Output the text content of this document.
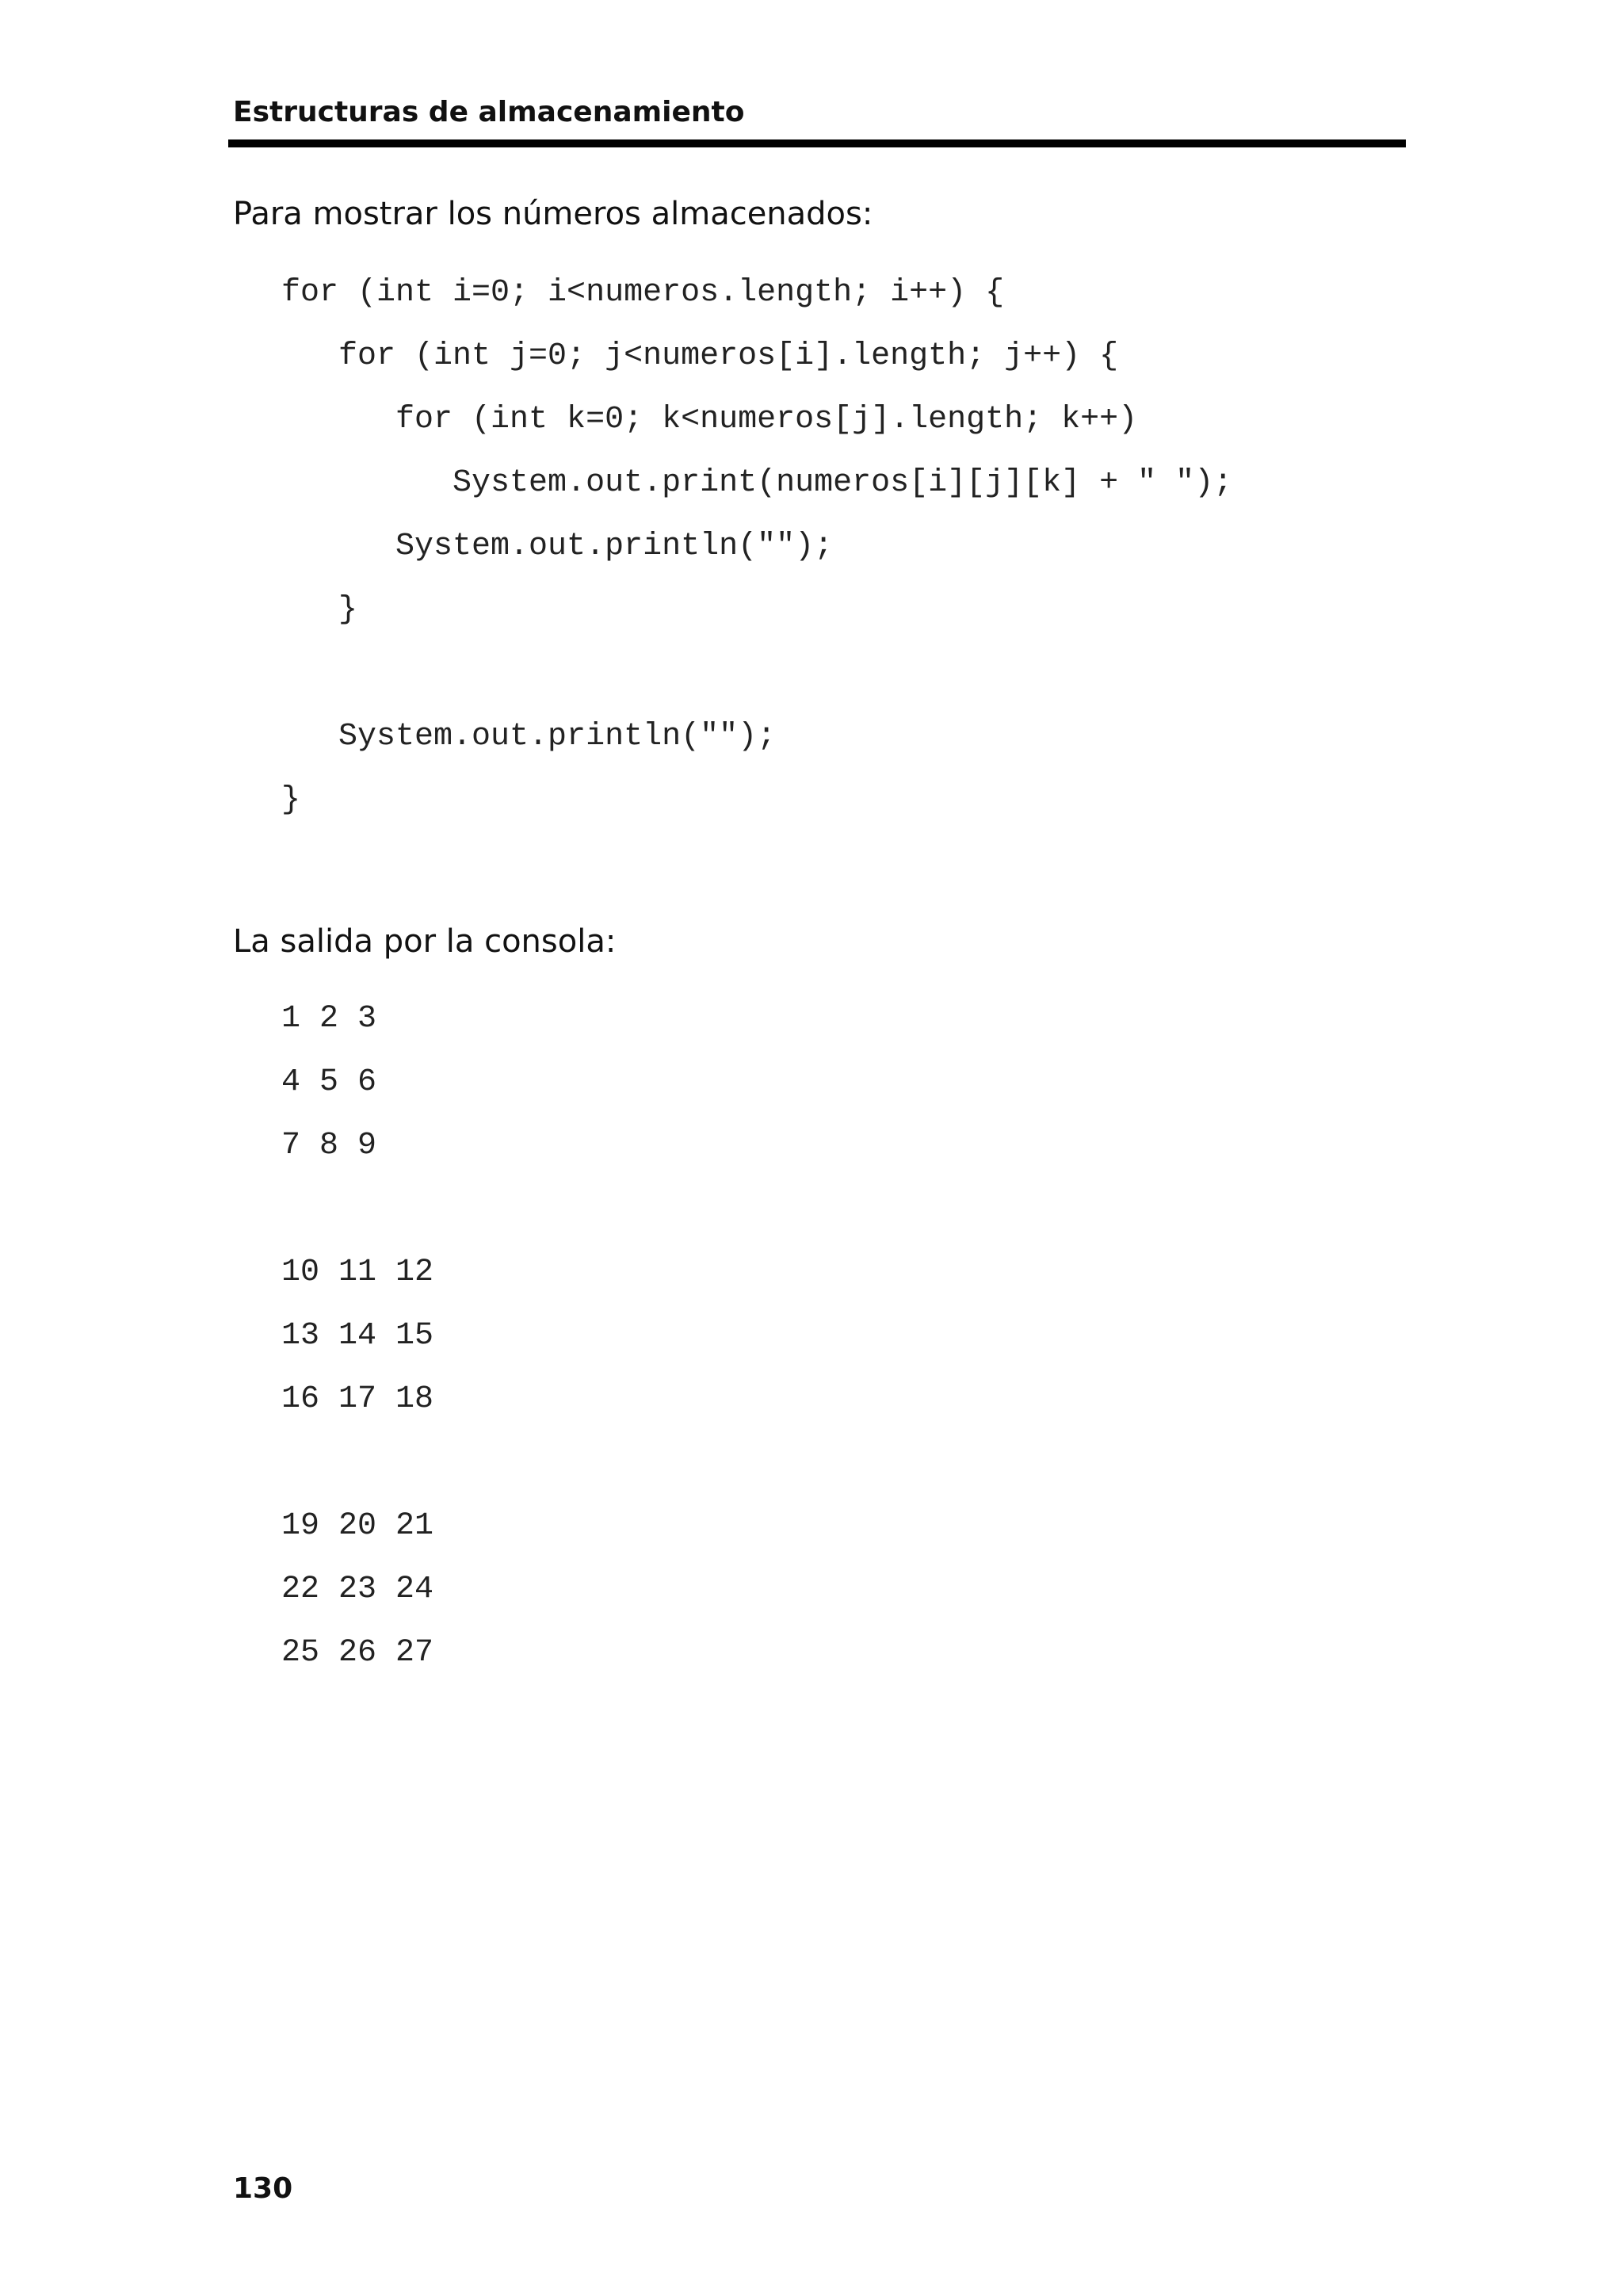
Estructuras de almacenamiento
Para mostrar los números almacenados:
for (int i=0; i<numeros.length; i++) {
for (int j=0; j<numeros[i].length; j++) {
for (int k=0; k<numeros[j].length; k++)
System.out.print(numeros[i][j][k] + " ");
System.out.println("");
}
System.out.println("");
}
La salida por la consola:
1 2 3
4 5 6
7 8 9
10 11 12
13 14 15
16 17 18
19 20 21
22 23 24
25 26 27
130
